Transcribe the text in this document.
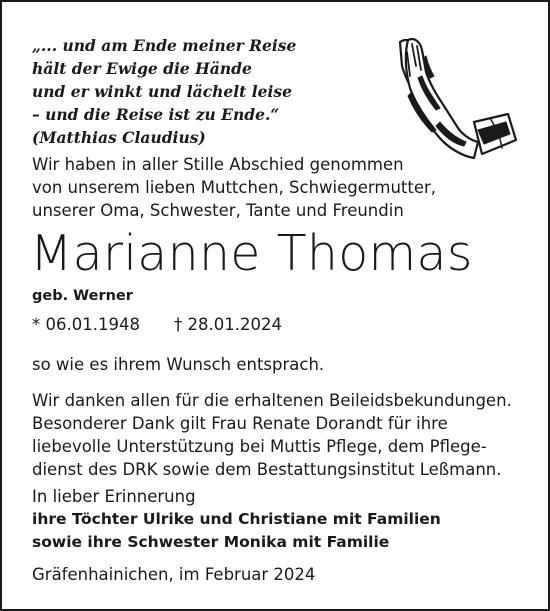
„... und am Ende meiner Reise
hält der Ewige die Hände
und er winkt und lächelt leise
– und die Reise ist zu Ende.“
(Matthias Claudius)
Wir haben in aller Stille Abschied genommen
von unserem lieben Muttchen, Schwiegermutter,
unserer Oma, Schwester, Tante und Freundin
Marianne Thomas
geb. Werner
* 06.01.1948 † 28.01.2024
so wie es ihrem Wunsch entsprach.
Wir danken allen für die erhaltenen Beileidsbekundungen.
Besonderer Dank gilt Frau Renate Dorandt für ihre
liebevolle Unterstützung bei Muttis Pflege, dem Pflege-
dienst des DRK sowie dem Bestattungsinstitut Leßmann.
In lieber Erinnerung
ihre Töchter Ulrike und Christiane mit Familien
sowie ihre Schwester Monika mit Familie
Gräfenhainichen, im Februar 2024
